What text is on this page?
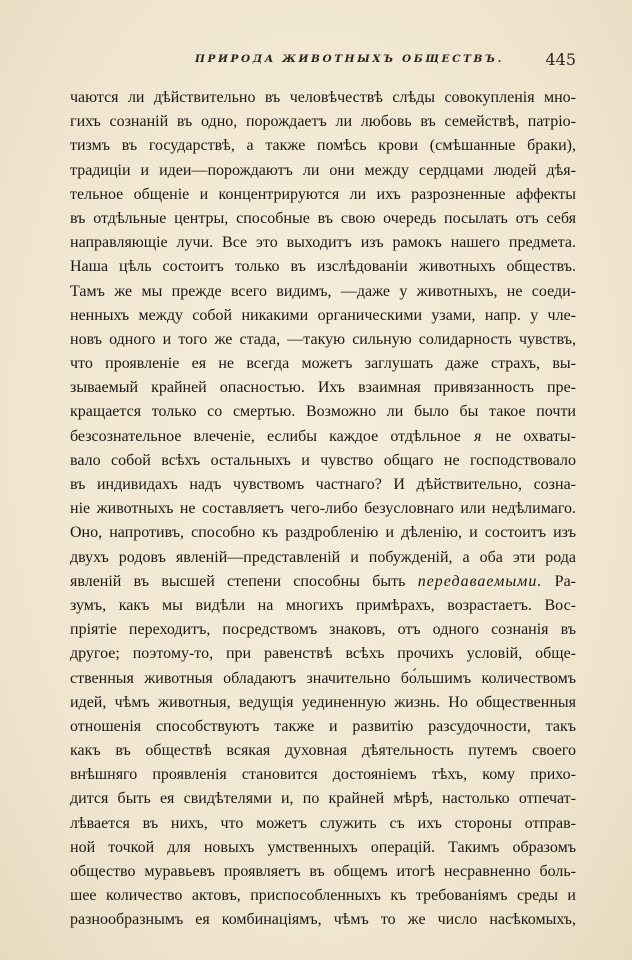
ПРИРОДА ЖИВОТНЫХЪ ОБЩЕСТВЪ.	445
чаются ли дѣйствительно въ человѣчествѣ слѣды совокупленія мно-
гихъ сознаній въ одно, порождаетъ ли любовь въ семействѣ, патріо-
тизмъ въ государствѣ, а также помѣсь крови (смѣшанные браки),
традиціи и идеи—порождаютъ ли они между сердцами людей дѣя-
тельное общеніе и концентрируются ли ихъ разрозненные аффекты
въ отдѣльные центры, способные въ свою очередь посылать отъ себя
направляющіе лучи. Все это выходитъ изъ рамокъ нашего предмета.
Наша цѣль состоитъ только въ изслѣдованіи животныхъ обществъ.
Тамъ же мы прежде всего видимъ, —даже у животныхъ, не соеди-
ненныхъ между собой никакими органическими узами, напр. у чле-
новъ одного и того же стада, —такую сильную солидарность чувствъ,
что проявленіе ея не всегда можетъ заглушать даже страхъ, вы-
зываемый крайней опасностью. Ихъ взаимная привязанность пре-
кращается только со смертью. Возможно ли было бы такое почти
безсознательное влеченіе, еслибы каждое отдѣльное я не охваты-
вало собой всѣхъ остальныхъ и чувство общаго не господствовало
въ индивидахъ надъ чувствомъ частнаго? И дѣйствительно, созна-
ніе животныхъ не составляетъ чего-либо безусловнаго или недѣлимаго.
Оно, напротивъ, способно къ раздробленію и дѣленію, и состоитъ изъ
двухъ родовъ явленій—представленій и побужденій, а оба эти рода
явленій въ высшей степени способны быть передаваемыми. Ра-
зумъ, какъ мы видѣли на многихъ примѣрахъ, возрастаетъ. Вос-
пріятіе переходитъ, посредствомъ знаковъ, отъ одного сознанія въ
другое; поэтому-то, при равенствѣ всѣхъ прочихъ условій, обще-
ственныя животныя обладаютъ значительно бо́льшимъ количествомъ
идей, чѣмъ животныя, ведущія уединенную жизнь. Но общественныя
отношенія способствуютъ также и развитію разсудочности, такъ
какъ въ обществѣ всякая духовная дѣятельность путемъ своего
внѣшняго проявленія становится достояніемъ тѣхъ, кому прихо-
дится быть ея свидѣтелями и, по крайней мѣрѣ, настолько отпечат-
лѣвается въ нихъ, что можетъ служить съ ихъ стороны отправ-
ной точкой для новыхъ умственныхъ операцій. Такимъ образомъ
общество муравьевъ проявляетъ въ общемъ итогѣ несравненно боль-
шее количество актовъ, приспособленныхъ къ требованіямъ среды и
разнообразнымъ ея комбинаціямъ, чѣмъ то же число насѣкомыхъ,
